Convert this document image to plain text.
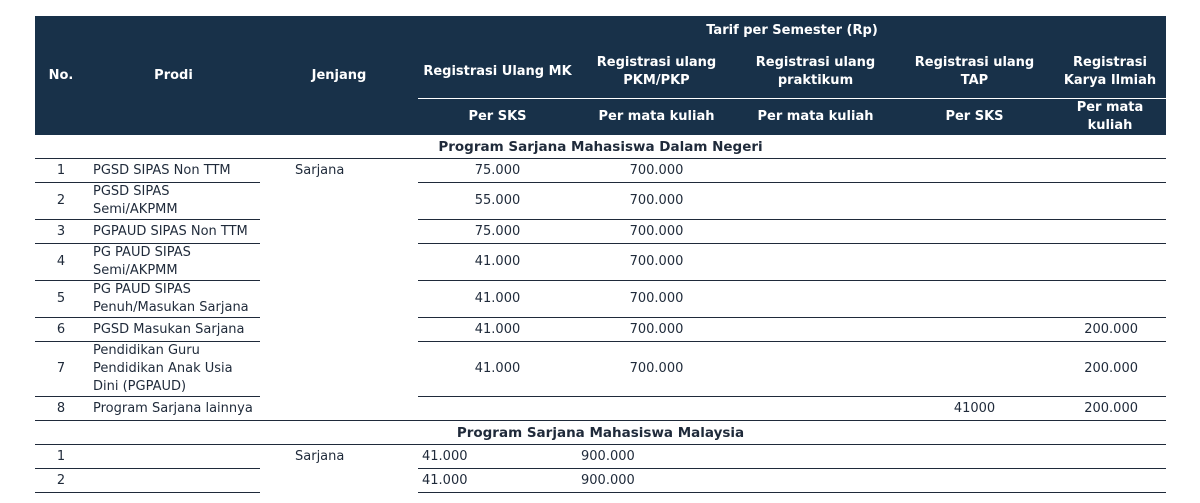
No.	Prodi	Jenjang	Tarif per Semester (Rp)				
			Registrasi Ulang MK	Registrasi ulang PKM/PKP	Registrasi ulang praktikum	Registrasi ulang TAP	Registrasi Karya Ilmiah
			Per SKS	Per mata kuliah	Per mata kuliah	Per SKS	Per mata kuliah
Program Sarjana Mahasiswa Dalam Negeri							
1	PGSD SIPAS Non TTM	Sarjana	75.000	700.000			
2	PGSD SIPAS Semi/AKPMM		55.000	700.000			
3	PGPAUD SIPAS Non TTM		75.000	700.000			
4	PG PAUD SIPAS Semi/AKPMM		41.000	700.000			
5	PG PAUD SIPAS Penuh/Masukan Sarjana		41.000	700.000			
6	PGSD Masukan Sarjana		41.000	700.000			200.000
7	Pendidikan Guru Pendidikan Anak Usia Dini (PGPAUD)		41.000	700.000			200.000
8	Program Sarjana lainnya					41000	200.000
Program Sarjana Mahasiswa Malaysia							
1		Sarjana	41.000	900.000			
2			41.000	900.000			
